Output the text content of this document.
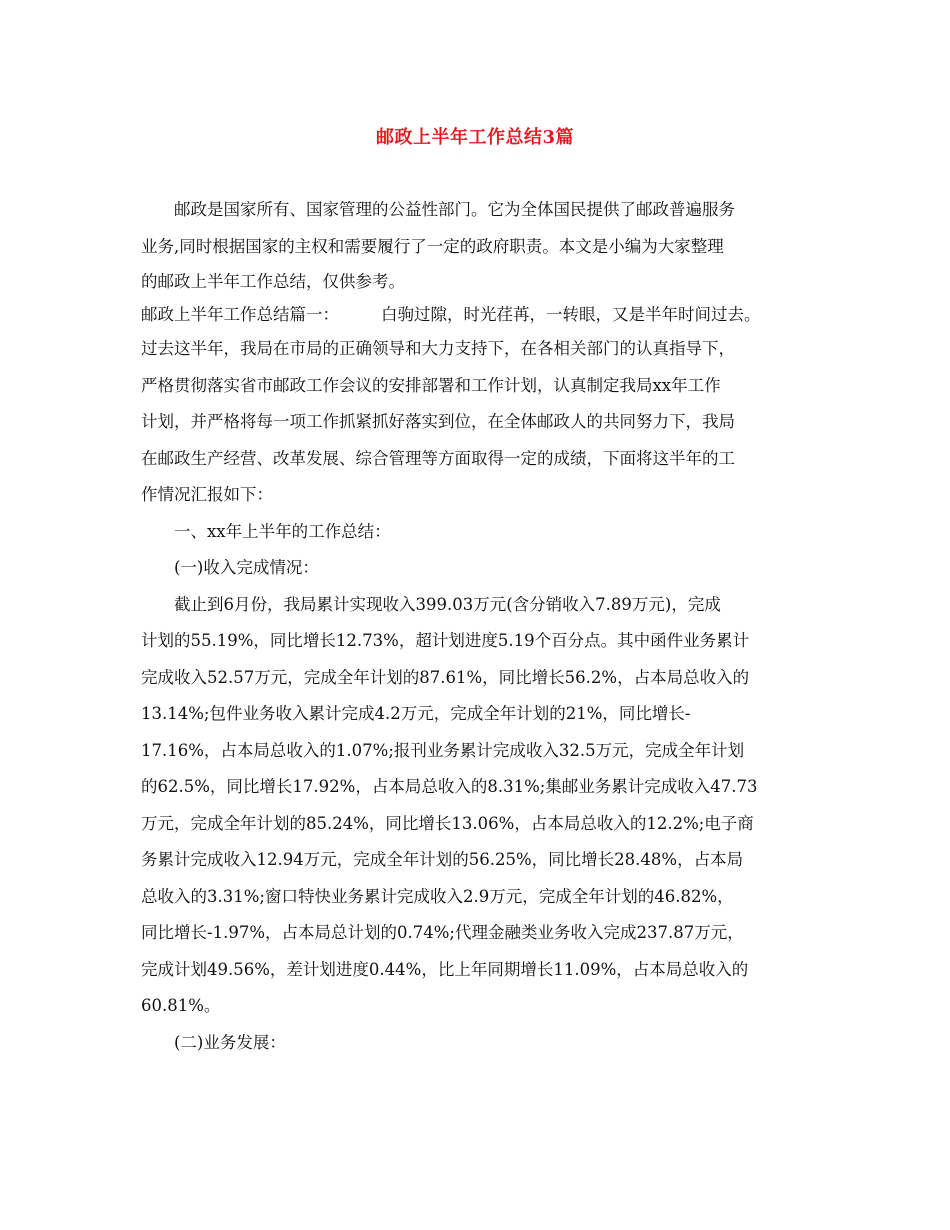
邮政上半年工作总结3篇
邮政是国家所有、国家管理的公益性部门。它为全体国民提供了邮政普遍服务
业务,同时根据国家的主权和需要履行了一定的政府职责。本文是小编为大家整理
的邮政上半年工作总结，仅供参考。
邮政上半年工作总结篇一：        白驹过隙，时光荏苒，一转眼，又是半年时间过去。
过去这半年，我局在市局的正确领导和大力支持下，在各相关部门的认真指导下，
严格贯彻落实省市邮政工作会议的安排部署和工作计划，认真制定我局xx年工作
计划，并严格将每一项工作抓紧抓好落实到位，在全体邮政人的共同努力下，我局
在邮政生产经营、改革发展、综合管理等方面取得一定的成绩，下面将这半年的工
作情况汇报如下：
一、xx年上半年的工作总结：
(一)收入完成情况：
截止到6月份，我局累计实现收入399.03万元(含分销收入7.89万元)，完成
计划的55.19%，同比增长12.73%，超计划进度5.19个百分点。其中函件业务累计
完成收入52.57万元，完成全年计划的87.61%，同比增长56.2%，占本局总收入的
13.14%;包件业务收入累计完成4.2万元，完成全年计划的21%，同比增长-
17.16%，占本局总收入的1.07%;报刊业务累计完成收入32.5万元，完成全年计划
的62.5%，同比增长17.92%，占本局总收入的8.31%;集邮业务累计完成收入47.73
万元，完成全年计划的85.24%，同比增长13.06%，占本局总收入的12.2%;电子商
务累计完成收入12.94万元，完成全年计划的56.25%，同比增长28.48%，占本局
总收入的3.31%;窗口特快业务累计完成收入2.9万元，完成全年计划的46.82%，
同比增长-1.97%，占本局总计划的0.74%;代理金融类业务收入完成237.87万元，
完成计划49.56%，差计划进度0.44%，比上年同期增长11.09%，占本局总收入的
60.81%。
(二)业务发展：
